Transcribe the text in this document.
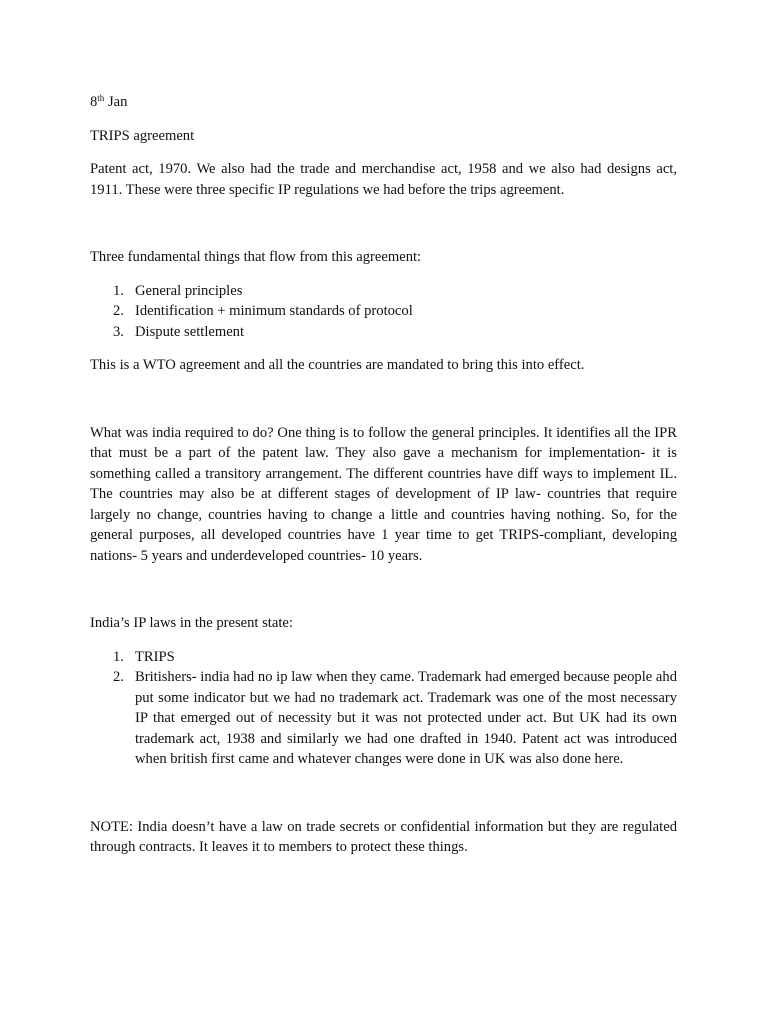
8th Jan

TRIPS agreement

Patent act, 1970. We also had the trade and merchandise act, 1958 and we also had designs act, 1911. These were three specific IP regulations we had before the trips agreement.

Three fundamental things that flow from this agreement:

1. General principles
2. Identification + minimum standards of protocol
3. Dispute settlement

This is a WTO agreement and all the countries are mandated to bring this into effect.

What was india required to do? One thing is to follow the general principles. It identifies all the IPR that must be a part of the patent law. They also gave a mechanism for implementation- it is something called a transitory arrangement. The different countries have diff ways to implement IL. The countries may also be at different stages of development of IP law- countries that require largely no change, countries having to change a little and countries having nothing. So, for the general purposes, all developed countries have 1 year time to get TRIPS-compliant, developing nations- 5 years and underdeveloped countries- 10 years.

India’s IP laws in the present state:

1. TRIPS
2. Britishers- india had no ip law when they came. Trademark had emerged because people ahd put some indicator but we had no trademark act. Trademark was one of the most necessary IP that emerged out of necessity but it was not protected under act. But UK had its own trademark act, 1938 and similarly we had one drafted in 1940. Patent act was introduced when british first came and whatever changes were done in UK was also done here.

NOTE: India doesn’t have a law on trade secrets or confidential information but they are regulated through contracts. It leaves it to members to protect these things.
